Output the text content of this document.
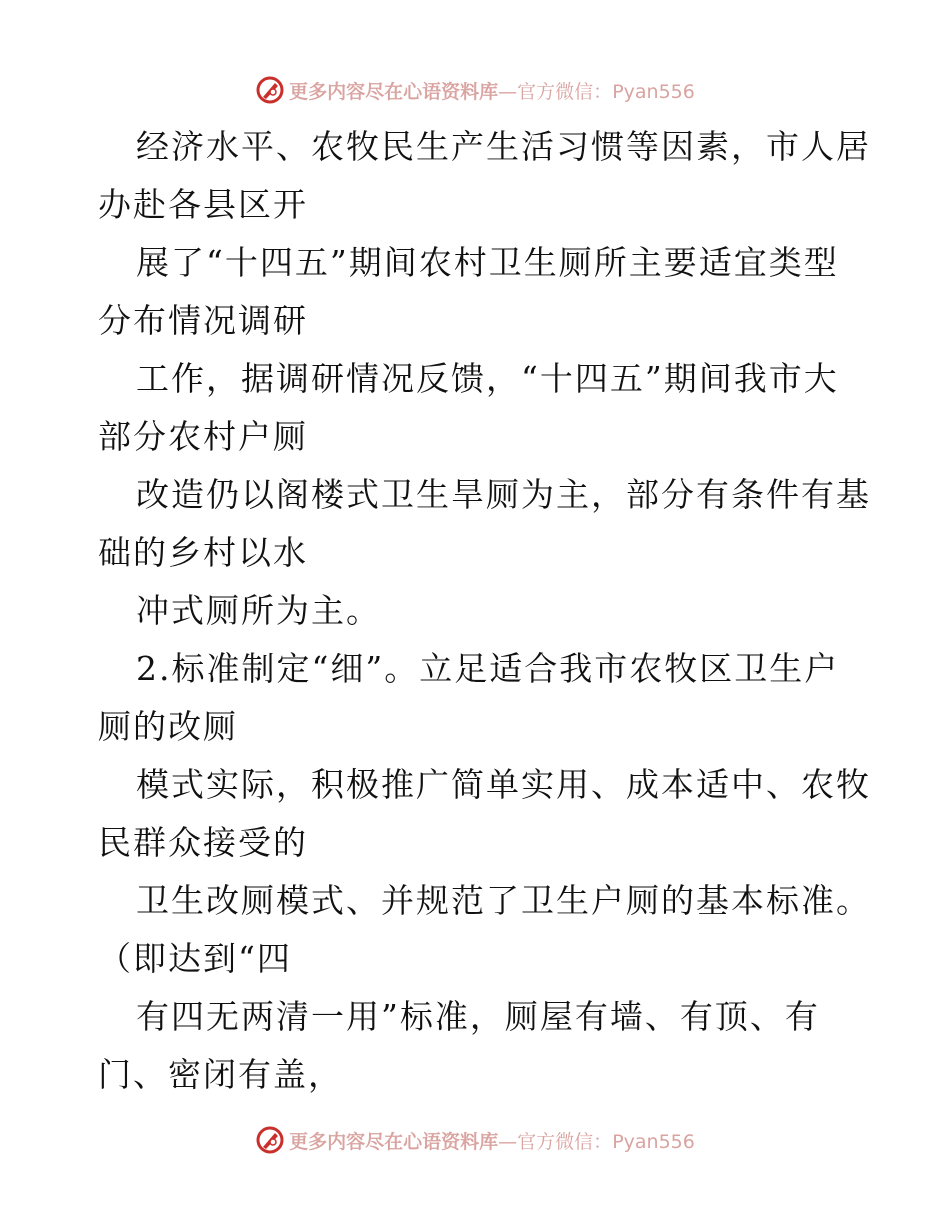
更多内容尽在心语资料库—官方微信：Pyan556
经济水平、农牧民生产生活习惯等因素，市人居
办赴各县区开
展了“十四五”期间农村卫生厕所主要适宜类型
分布情况调研
工作，据调研情况反馈，“十四五”期间我市大
部分农村户厕
改造仍以阁楼式卫生旱厕为主，部分有条件有基
础的乡村以水
冲式厕所为主。
2.标准制定“细”。立足适合我市农牧区卫生户
厕的改厕
模式实际，积极推广简单实用、成本适中、农牧
民群众接受的
卫生改厕模式、并规范了卫生户厕的基本标准。
（即达到“四
有四无两清一用”标准，厕屋有墙、有顶、有
门、密闭有盖，
更多内容尽在心语资料库—官方微信：Pyan556
